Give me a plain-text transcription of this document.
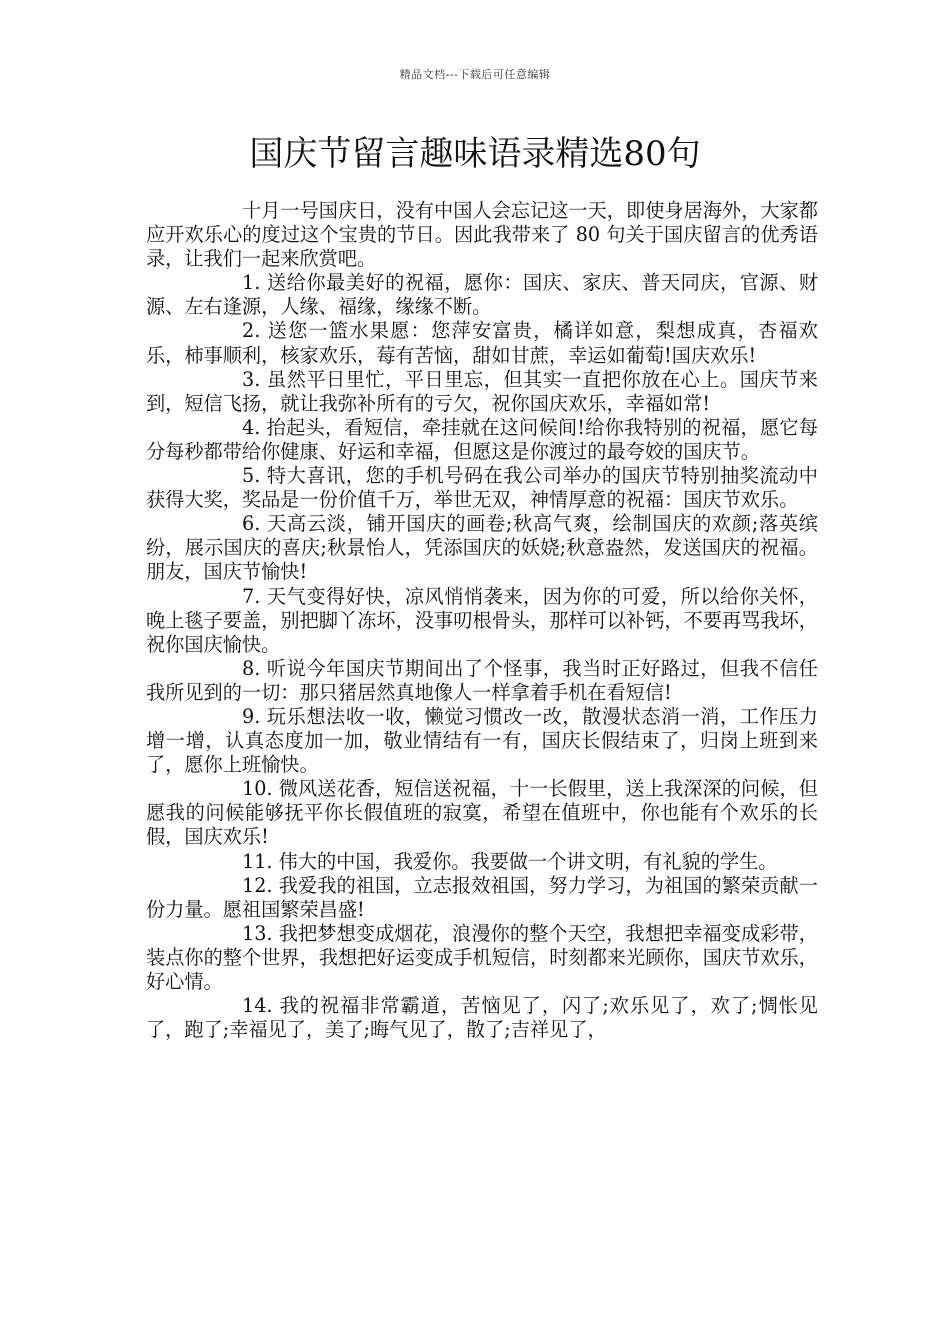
精品文档---下载后可任意编辑
国庆节留言趣味语录精选80句

十月一号国庆日，没有中国人会忘记这一天，即使身居海外，大家都应开欢乐心的度过这个宝贵的节日。因此我带来了 80 句关于国庆留言的优秀语录，让我们一起来欣赏吧。

1. 送给你最美好的祝福，愿你：国庆、家庆、普天同庆，官源、财源、左右逢源，人缘、福缘，缘缘不断。

2. 送您一篮水果愿：您萍安富贵，橘详如意，梨想成真，杏福欢乐，柿事顺利，核家欢乐，莓有苦恼，甜如甘蔗，幸运如葡萄!国庆欢乐!

3. 虽然平日里忙，平日里忘，但其实一直把你放在心上。国庆节来到，短信飞扬，就让我弥补所有的亏欠，祝你国庆欢乐，幸福如常!

4. 抬起头，看短信，牵挂就在这问候间!给你我特别的祝福，愿它每分每秒都带给你健康、好运和幸福，但愿这是你渡过的最夸姣的国庆节。

5. 特大喜讯，您的手机号码在我公司举办的国庆节特别抽奖流动中获得大奖，奖品是一份价值千万，举世无双，神情厚意的祝福：国庆节欢乐。

6. 天高云淡，铺开国庆的画卷;秋高气爽，绘制国庆的欢颜;落英缤纷，展示国庆的喜庆;秋景怡人，凭添国庆的妖娆;秋意盎然，发送国庆的祝福。朋友，国庆节愉快!

7. 天气变得好快，凉风悄悄袭来，因为你的可爱，所以给你关怀，晚上毯子要盖，别把脚丫冻坏，没事叨根骨头，那样可以补钙，不要再骂我坏，祝你国庆愉快。

8. 听说今年国庆节期间出了个怪事，我当时正好路过，但我不信任我所见到的一切：那只猪居然真地像人一样拿着手机在看短信!

9. 玩乐想法收一收，懒觉习惯改一改，散漫状态消一消，工作压力增一增，认真态度加一加，敬业情结有一有，国庆长假结束了，归岗上班到来了，愿你上班愉快。

10. 微风送花香，短信送祝福，十一长假里，送上我深深的问候，但愿我的问候能够抚平你长假值班的寂寞，希望在值班中，你也能有个欢乐的长假，国庆欢乐!

11. 伟大的中国，我爱你。我要做一个讲文明，有礼貌的学生。

12. 我爱我的祖国，立志报效祖国，努力学习，为祖国的繁荣贡献一份力量。愿祖国繁荣昌盛!

13. 我把梦想变成烟花，浪漫你的整个天空，我想把幸福变成彩带，装点你的整个世界，我想把好运变成手机短信，时刻都来光顾你，国庆节欢乐，好心情。

14. 我的祝福非常霸道，苦恼见了，闪了;欢乐见了，欢了;惆怅见了，跑了;幸福见了，美了;晦气见了，散了;吉祥见了，
